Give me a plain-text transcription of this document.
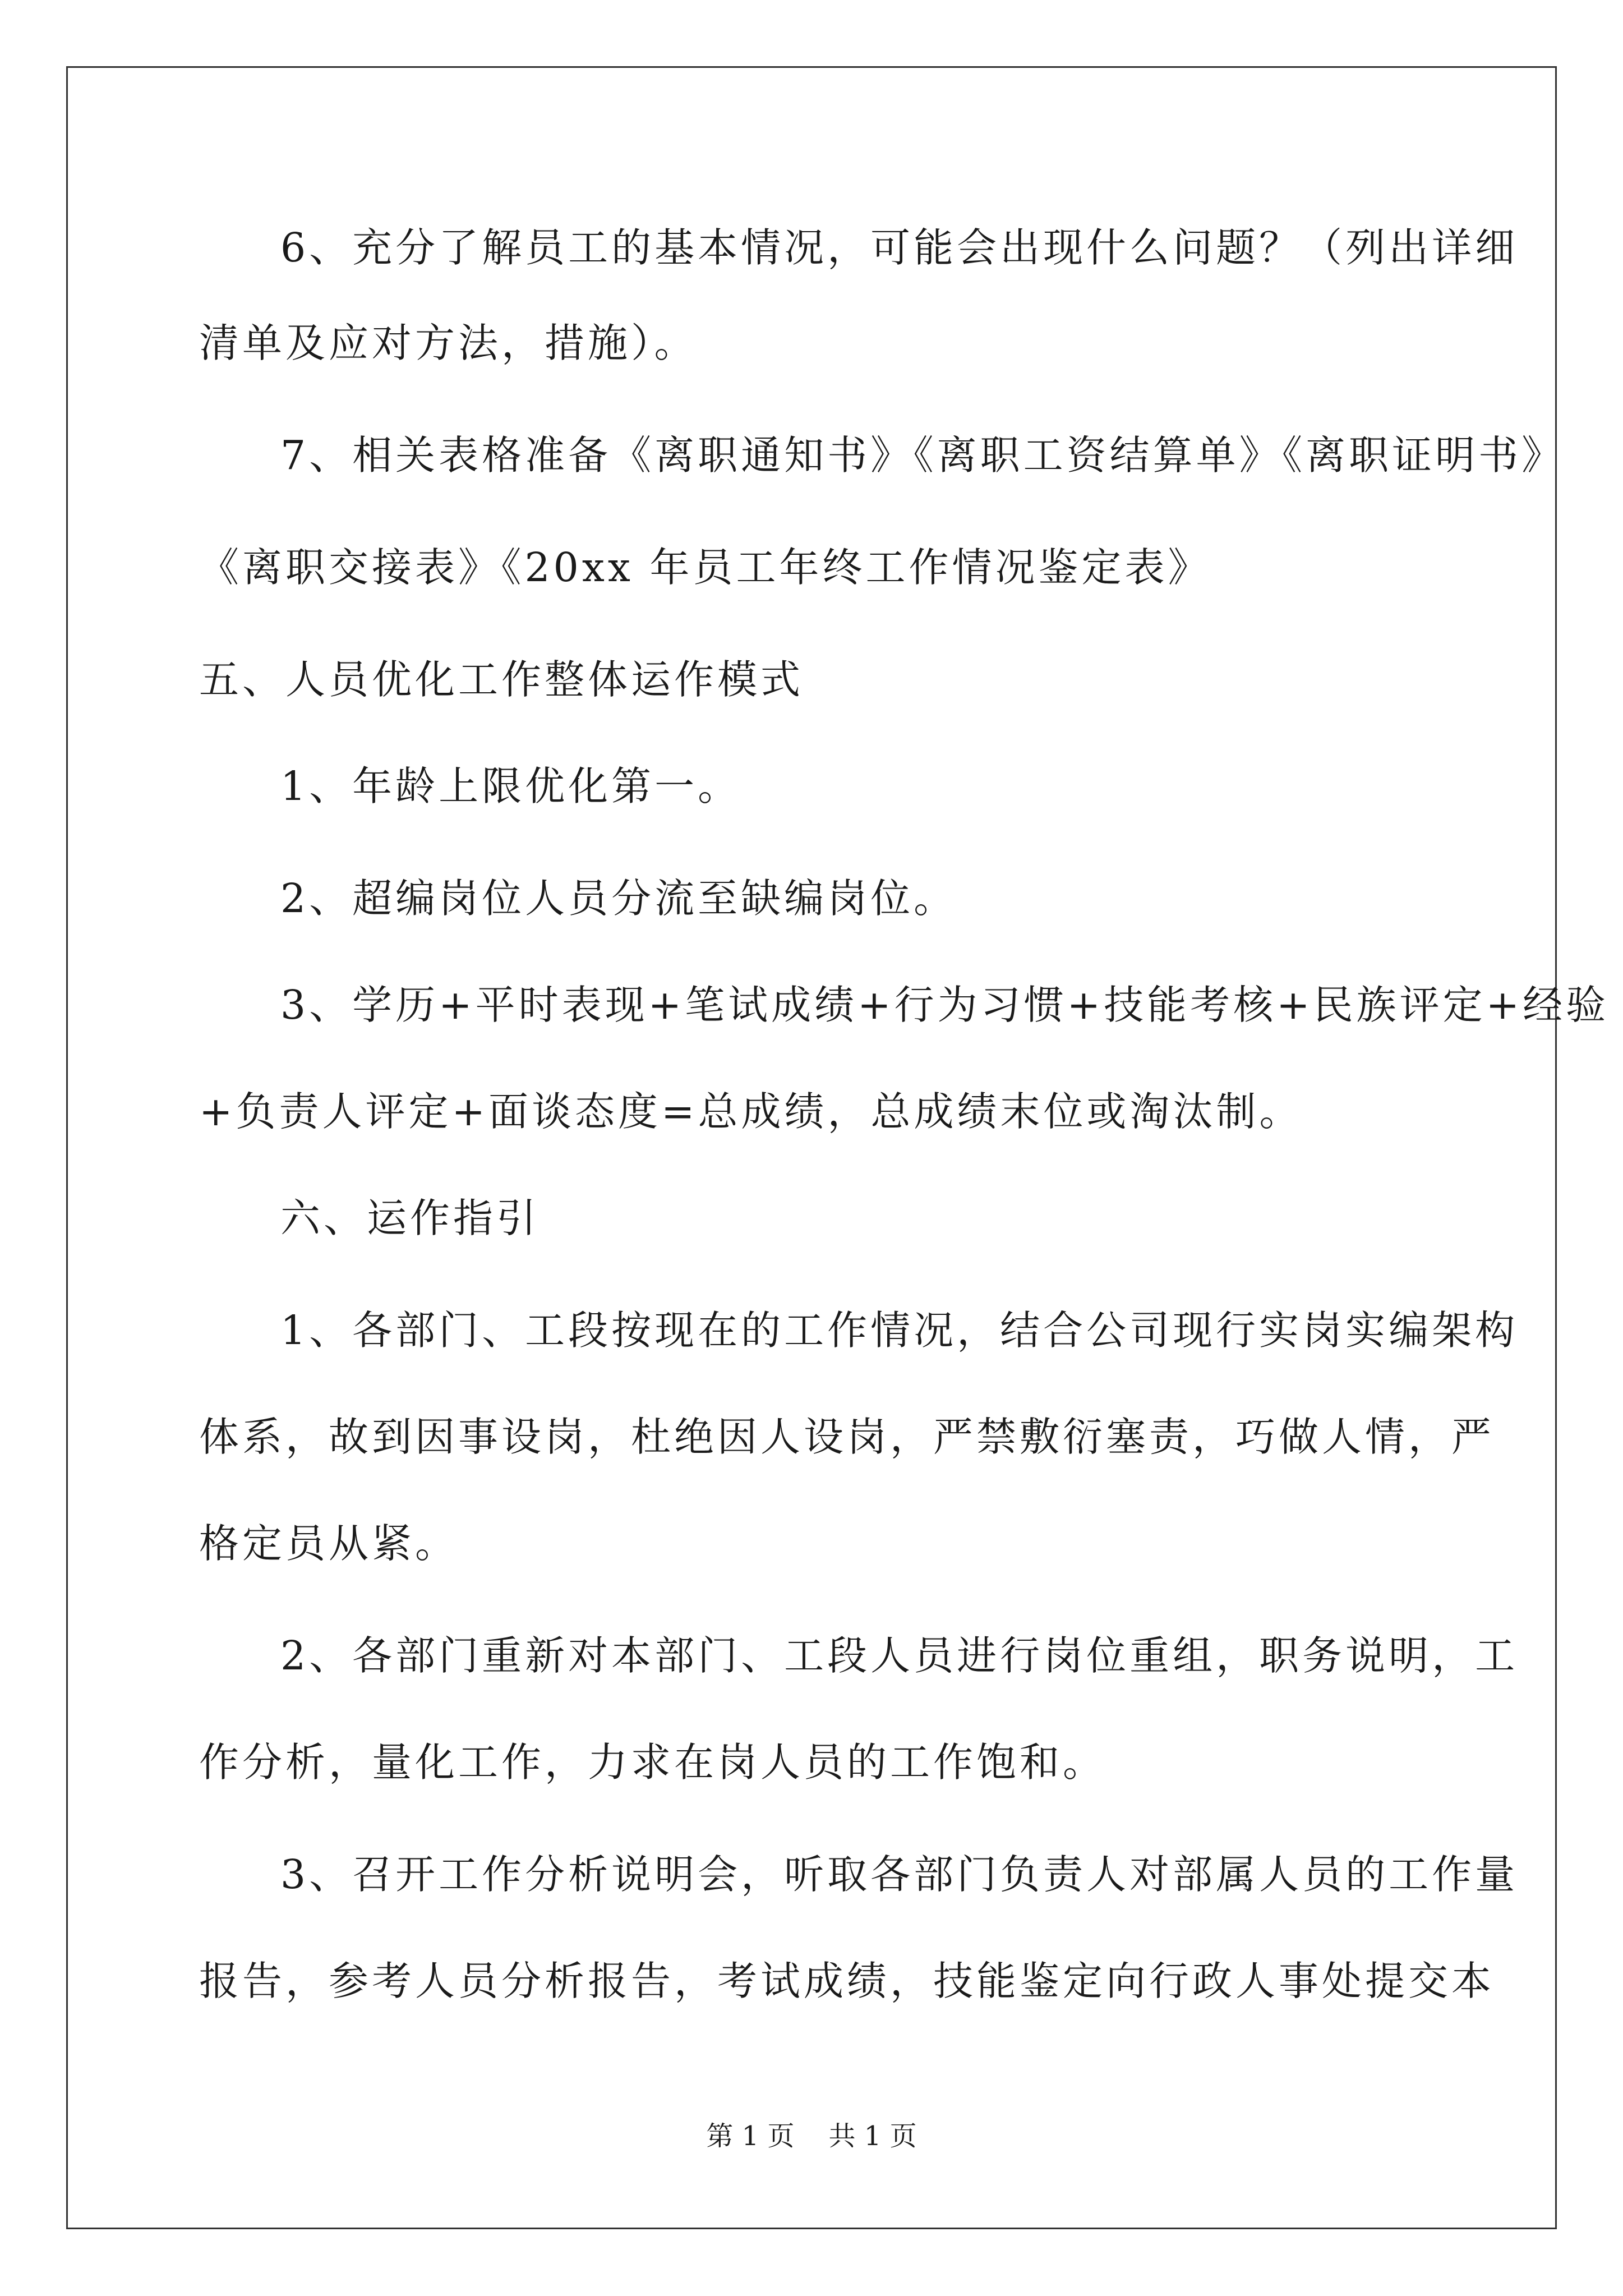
6、充分了解员工的基本情况，可能会出现什么问题？（列出详细

清单及应对方法，措施）。

7、相关表格准备《离职通知书》《离职工资结算单》《离职证明书》

《离职交接表》《20xx 年员工年终工作情况鉴定表》

五、人员优化工作整体运作模式

1、年龄上限优化第一。

2、超编岗位人员分流至缺编岗位。

3、学历+平时表现+笔试成绩+行为习惯+技能考核+民族评定+经验

+负责人评定+面谈态度=总成绩，总成绩末位或淘汰制。

六、运作指引

1、各部门、工段按现在的工作情况，结合公司现行实岗实编架构

体系，故到因事设岗，杜绝因人设岗，严禁敷衍塞责，巧做人情，严

格定员从紧。

2、各部门重新对本部门、工段人员进行岗位重组，职务说明，工

作分析，量化工作，力求在岗人员的工作饱和。

3、召开工作分析说明会，听取各部门负责人对部属人员的工作量

报告，参考人员分析报告，考试成绩，技能鉴定向行政人事处提交本

第 1 页    共 1 页
